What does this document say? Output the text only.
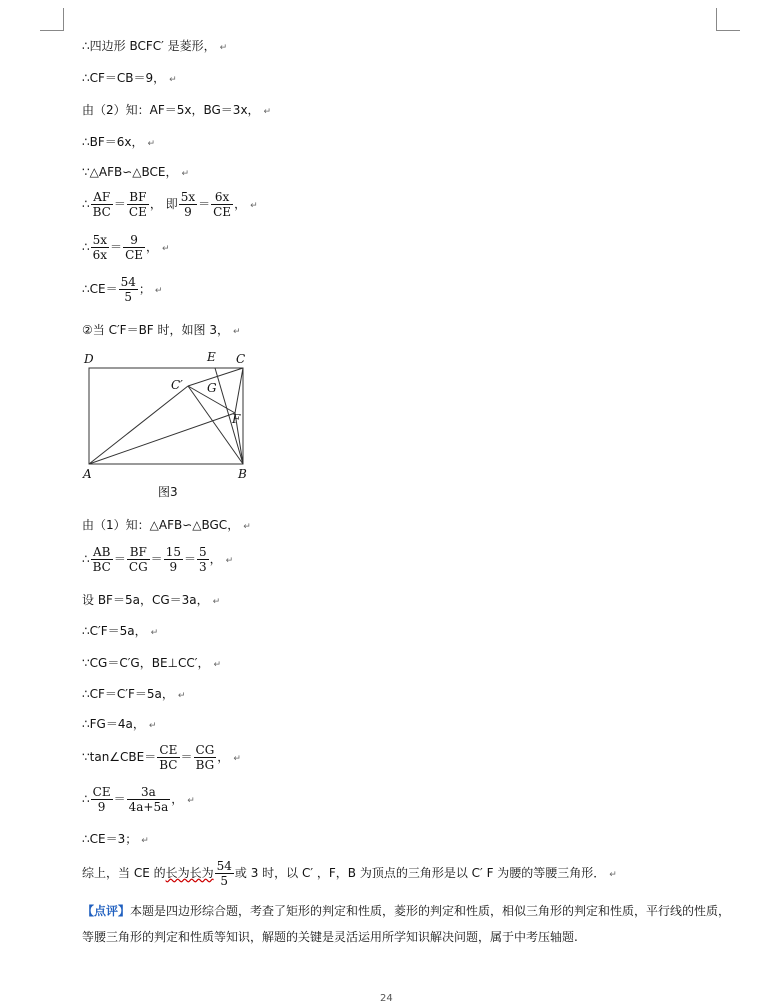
∴四边形 BCFC′ 是菱形， ↵
∴CF＝CB＝9， ↵
由（2）知：AF＝5x，BG＝3x， ↵
∴BF＝6x， ↵
∵△AFB∽△BCE， ↵
∴ $\frac{AF}{BC} = \frac{BF}{CE}$ ， 即 $\frac{5x}{9} = \frac{6x}{CE}$ ， ↵
∴ $\frac{5x}{6x} = \frac{9}{CE}$ ， ↵
∴CE＝ $\frac{54}{5}$ ； ↵
②当 C′F＝BF 时，如图 3， ↵
D	E C
C′ G
F
A	B
图3
由（1）知：△AFB∽△BGC， ↵
∴ $\frac{AB}{BC} = \frac{BF}{CG} = \frac{15}{9} = \frac{5}{3}$ ， ↵
设 BF＝5a，CG＝3a， ↵
∴C′F＝5a， ↵
∵CG＝C′G，BE⊥CC′， ↵
∴CF＝C′F＝5a， ↵
∴FG＝4a， ↵
∵tan∠CBE＝ $\frac{CE}{BC} = \frac{CG}{BG}$ ， ↵
∴ $\frac{CE}{9} = \frac{3a}{4a+5a}$ ， ↵
∴CE＝3； ↵
综上，当 CE 的长为长为 $\frac{54}{5}$ 或 3 时，以 C′ ，F，B 为顶点的三角形是以 C′ F 为腰的等腰三角形． ↵
【点评】本题是四边形综合题，考查了矩形的判定和性质，菱形的判定和性质，相似三角形的判定和性质，平行线的性质，等腰三角形的判定和性质等知识，解题的关键是灵活运用所学知识解决问题，属于中考压轴题.
24
